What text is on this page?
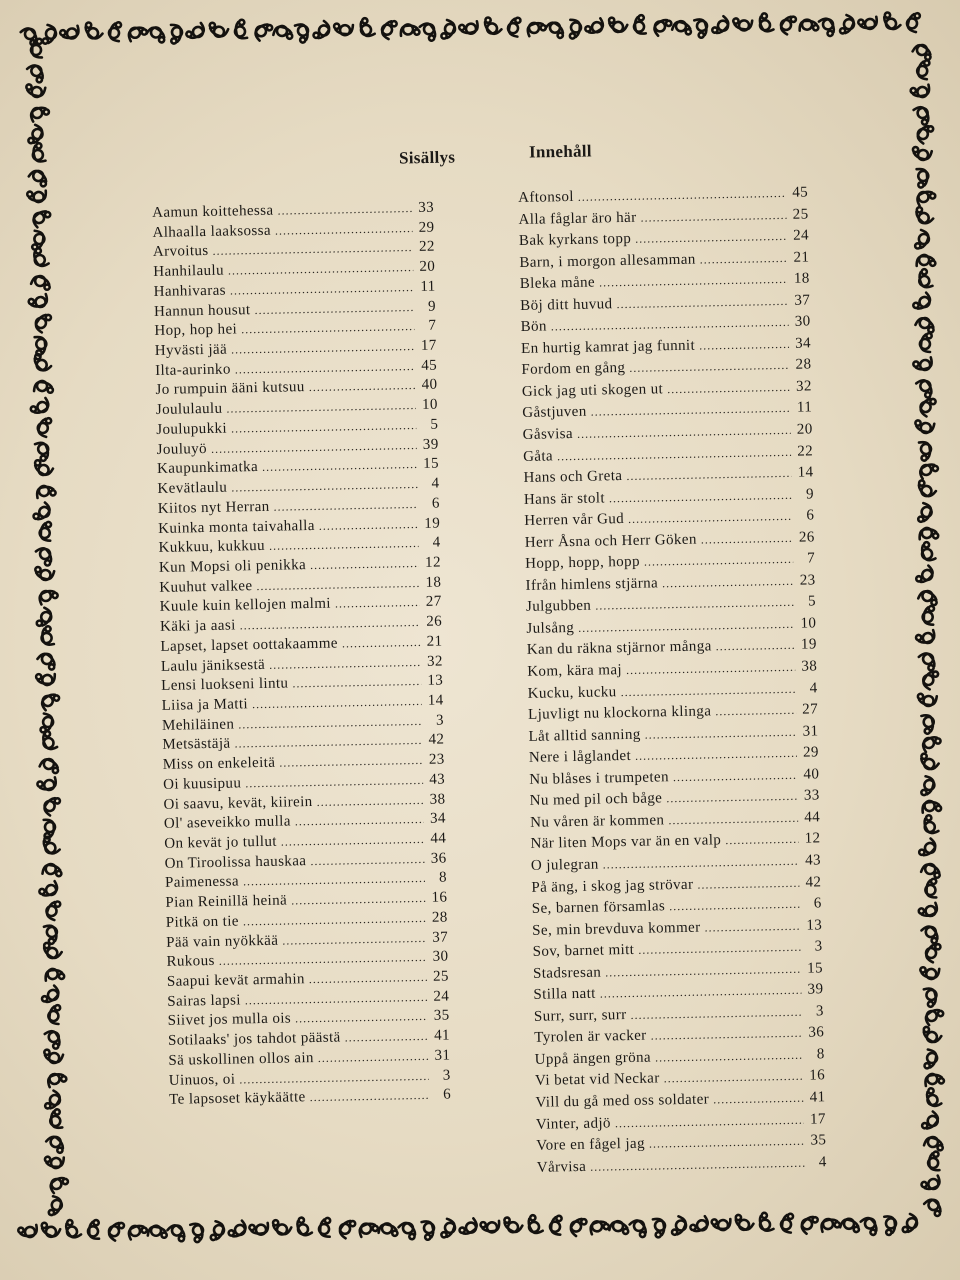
Sisällys	Innehåll
Aamun koittehessa .....	33
Alhaalla laaksossa .....	29
Arvoitus .....	22
Hanhilaulu .....	20
Hanhivaras .....	11
Hannun housut .....	9
Hop, hop hei .....	7
Hyvästi jää .....	17
Ilta-aurinko .....	45
Jo rumpuin ääni kutsuu .....	40
Joululaulu .....	10
Joulupukki .....	5
Jouluyö .....	39
Kaupunkimatka .....	15
Kevätlaulu .....	4
Kiitos nyt Herran .....	6
Kuinka monta taivahalla .....	19
Kukkuu, kukkuu .....	4
Kun Mopsi oli penikka .....	12
Kuuhut valkee .....	18
Kuule kuin kellojen malmi .....	27
Käki ja aasi .....	26
Lapset, lapset oottakaamme .....	21
Laulu jäniksestä .....	32
Lensi luokseni lintu .....	13
Liisa ja Matti .....	14
Mehiläinen .....	3
Metsästäjä .....	42
Miss on enkeleitä .....	23
Oi kuusipuu .....	43
Oi saavu, kevät, kiirein .....	38
Ol' aseveikko mulla .....	34
On kevät jo tullut .....	44
On Tiroolissa hauskaa .....	36
Paimenessa .....	8
Pian Reinillä heinä .....	16
Pitkä on tie .....	28
Pää vain nyökkää .....	37
Rukous .....	30
Saapui kevät armahin .....	25
Sairas lapsi .....	24
Siivet jos mulla ois .....	35
Sotilaaks' jos tahdot päästä .....	41
Sä uskollinen ollos ain .....	31
Uinuos, oi .....	3
Te lapsoset käykäätte .....	6
Aftonsol .....	45
Alla fåglar äro här .....	25
Bak kyrkans topp .....	24
Barn, i morgon allesamman .....	21
Bleka måne .....	18
Böj ditt huvud .....	37
Bön .....	30
En hurtig kamrat jag funnit .....	34
Fordom en gång .....	28
Gick jag uti skogen ut .....	32
Gåstjuven .....	11
Gåsvisa .....	20
Gåta .....	22
Hans och Greta .....	14
Hans är stolt .....	9
Herren vår Gud .....	6
Herr Åsna och Herr Göken .....	26
Hopp, hopp, hopp .....	7
Ifrån himlens stjärna .....	23
Julgubben .....	5
Julsång .....	10
Kan du räkna stjärnor många .....	19
Kom, kära maj .....	38
Kucku, kucku .....	4
Ljuvligt nu klockorna klinga .....	27
Låt alltid sanning .....	31
Nere i låglandet .....	29
Nu blåses i trumpeten .....	40
Nu med pil och båge .....	33
Nu våren är kommen .....	44
När liten Mops var än en valp .....	12
O julegran .....	43
På äng, i skog jag strövar .....	42
Se, barnen församlas .....	6
Se, min brevduva kommer .....	13
Sov, barnet mitt .....	3
Stadsresan .....	15
Stilla natt .....	39
Surr, surr, surr .....	3
Tyrolen är vacker .....	36
Uppå ängen gröna .....	8
Vi betat vid Neckar .....	16
Vill du gå med oss soldater .....	41
Vinter, adjö .....	17
Vore en fågel jag .....	35
Vårvisa .....	4
